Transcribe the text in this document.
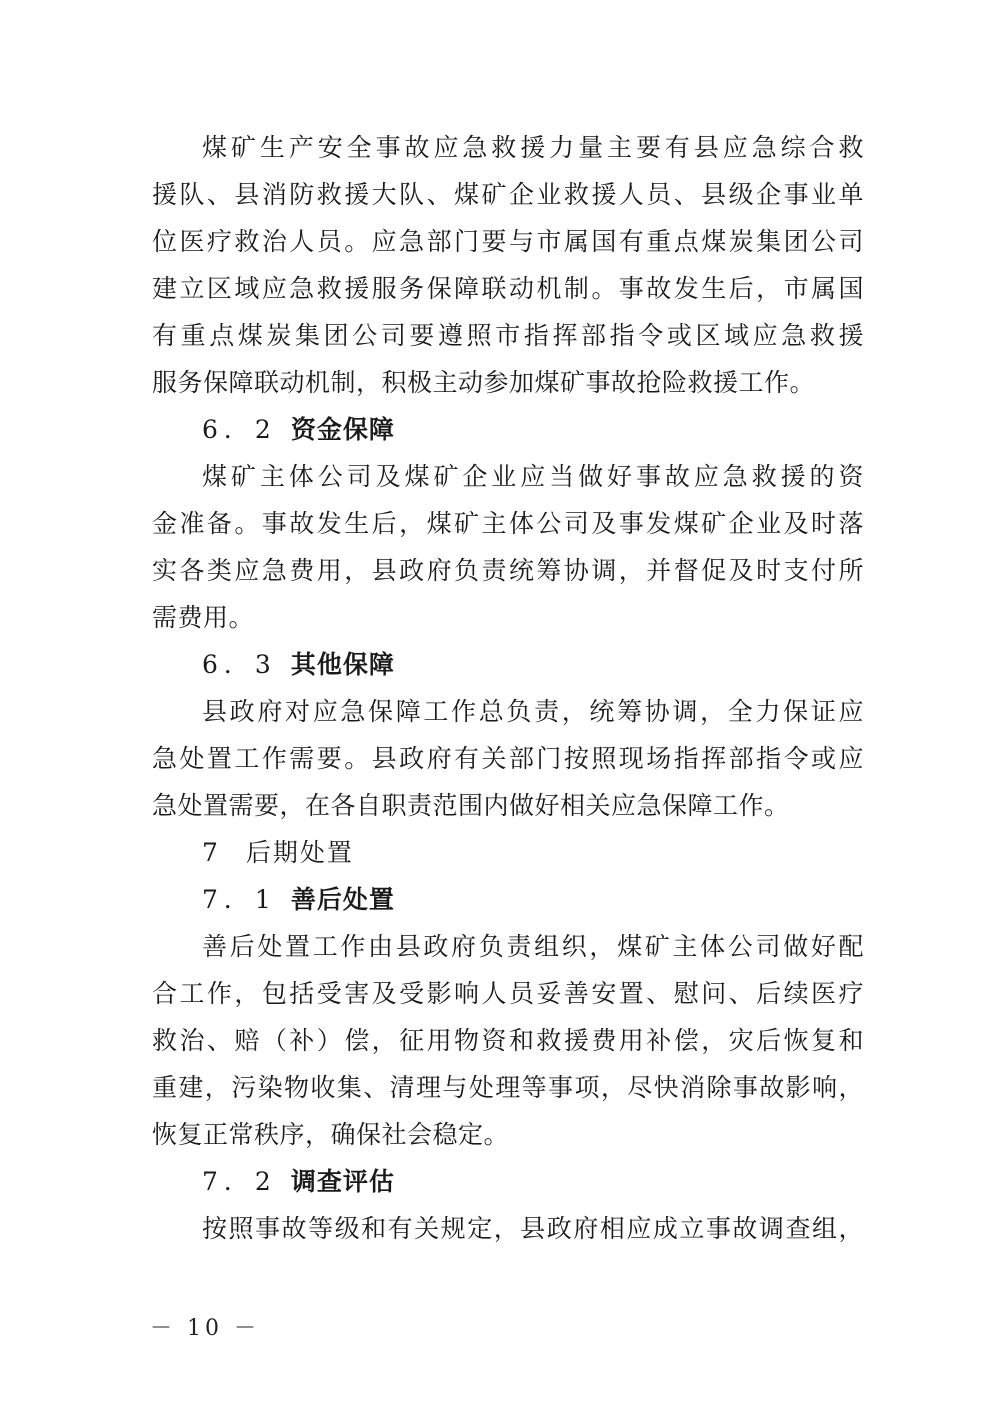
煤矿生产安全事故应急救援力量主要有县应急综合救
援队、县消防救援大队、煤矿企业救援人员、县级企事业单
位医疗救治人员。应急部门要与市属国有重点煤炭集团公司
建立区域应急救援服务保障联动机制。事故发生后，市属国
有重点煤炭集团公司要遵照市指挥部指令或区域应急救援
服务保障联动机制，积极主动参加煤矿事故抢险救援工作。
6．2 资金保障
煤矿主体公司及煤矿企业应当做好事故应急救援的资
金准备。事故发生后，煤矿主体公司及事发煤矿企业及时落
实各类应急费用，县政府负责统筹协调，并督促及时支付所
需费用。
6．3 其他保障
县政府对应急保障工作总负责，统筹协调，全力保证应
急处置工作需要。县政府有关部门按照现场指挥部指令或应
急处置需要，在各自职责范围内做好相关应急保障工作。
7 后期处置
7．1 善后处置
善后处置工作由县政府负责组织，煤矿主体公司做好配
合工作，包括受害及受影响人员妥善安置、慰问、后续医疗
救治、赔（补）偿，征用物资和救援费用补偿，灾后恢复和
重建，污染物收集、清理与处理等事项，尽快消除事故影响，
恢复正常秩序，确保社会稳定。
7．2 调查评估
按照事故等级和有关规定，县政府相应成立事故调查组，
－ 10 －
